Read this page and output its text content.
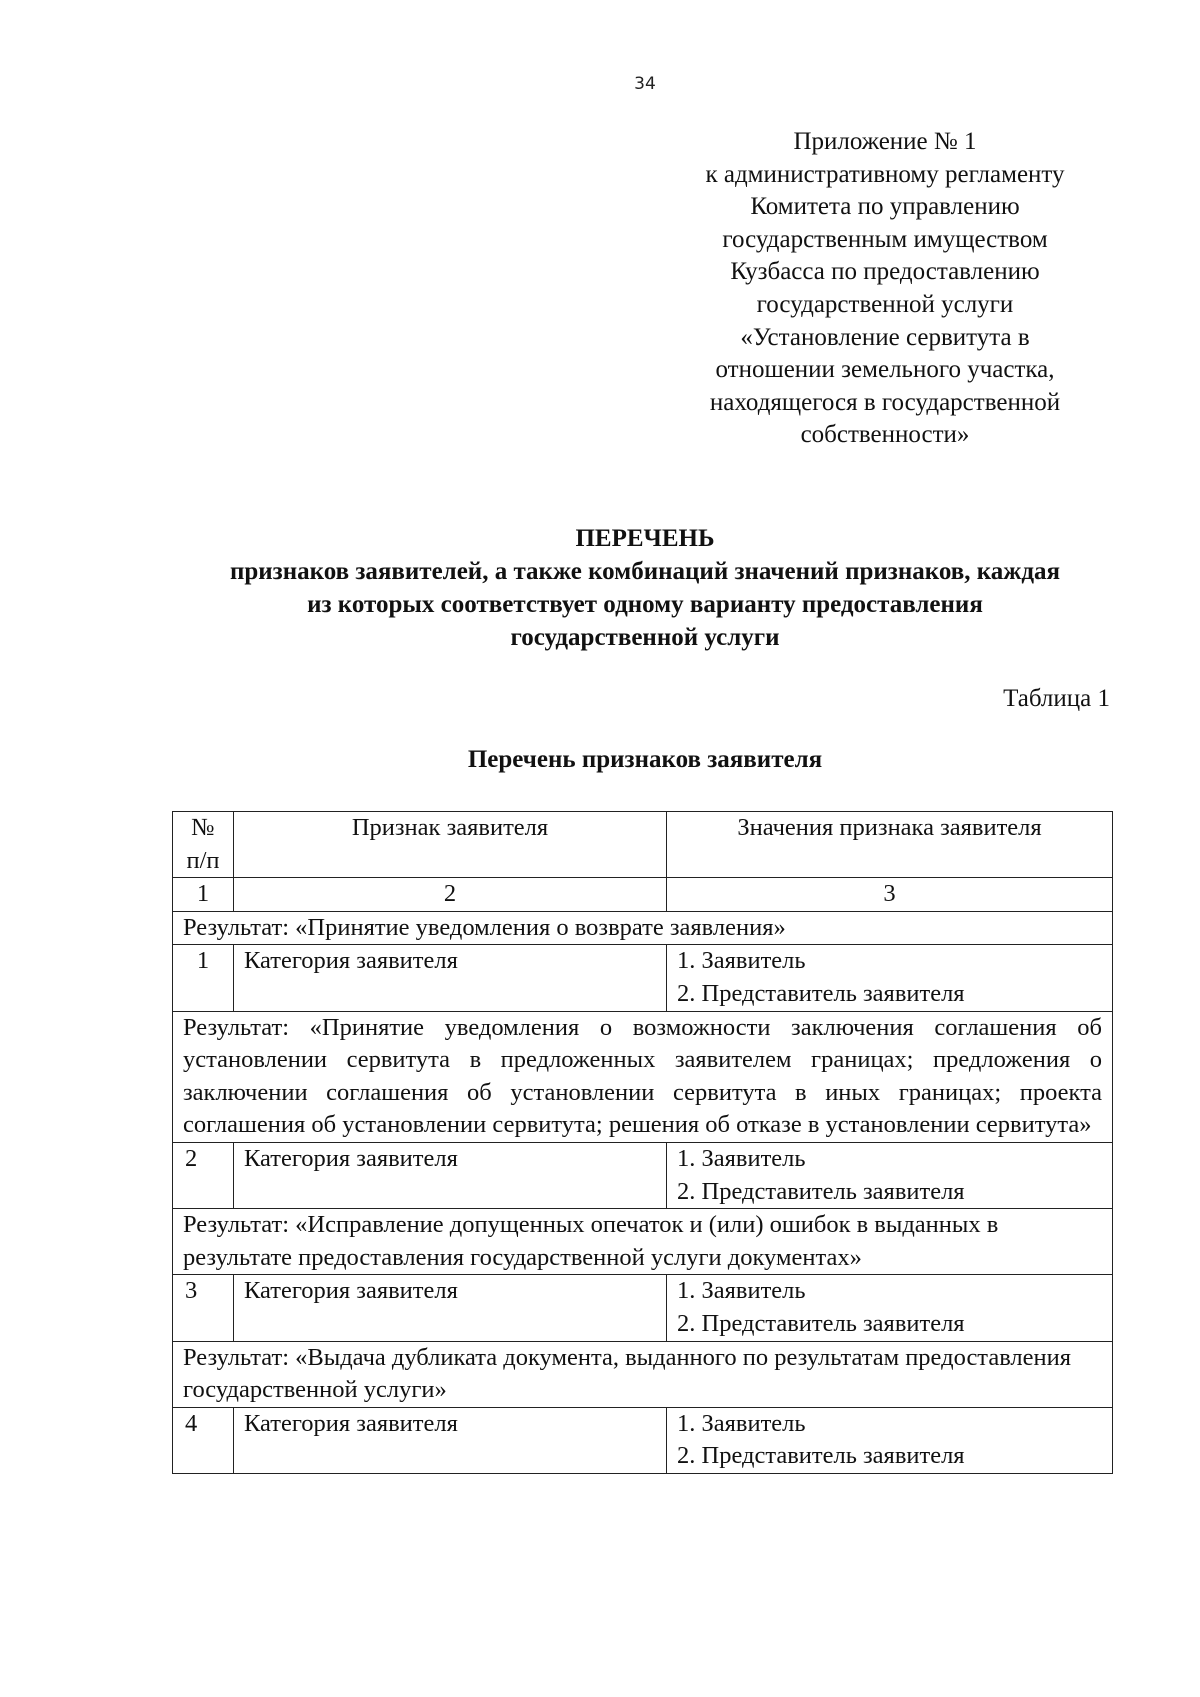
34
Приложение № 1
к административному регламенту
Комитета по управлению
государственным имуществом
Кузбасса по предоставлению
государственной услуги
«Установление сервитута в
отношении земельного участка,
находящегося в государственной
собственности»
ПЕРЕЧЕНЬ
признаков заявителей, а также комбинаций значений признаков, каждая
из которых соответствует одному варианту предоставления
государственной услуги
Таблица 1
Перечень признаков заявителя
№ п/п	Признак заявителя	Значения признака заявителя
1	2	3
Результат: «Принятие уведомления о возврате заявления»		
1	Категория заявителя	1. Заявитель
2. Представитель заявителя

Результат: «Принятие уведомления о возможности заключения соглашения об установлении сервитута в предложенных заявителем границах; предложения о заключении соглашения об установлении сервитута в иных границах; проекта соглашения об установлении сервитута; решения об отказе в установлении сервитута»		
2	Категория заявителя	1. Заявитель
2. Представитель заявителя

Результат: «Исправление допущенных опечаток и (или) ошибок в выданных в результате предоставления государственной услуги документах»		
3	Категория заявителя	1. Заявитель
2. Представитель заявителя

Результат: «Выдача дубликата документа, выданного по результатам предоставления государственной услуги»		
4	Категория заявителя	1. Заявитель
2. Представитель заявителя
